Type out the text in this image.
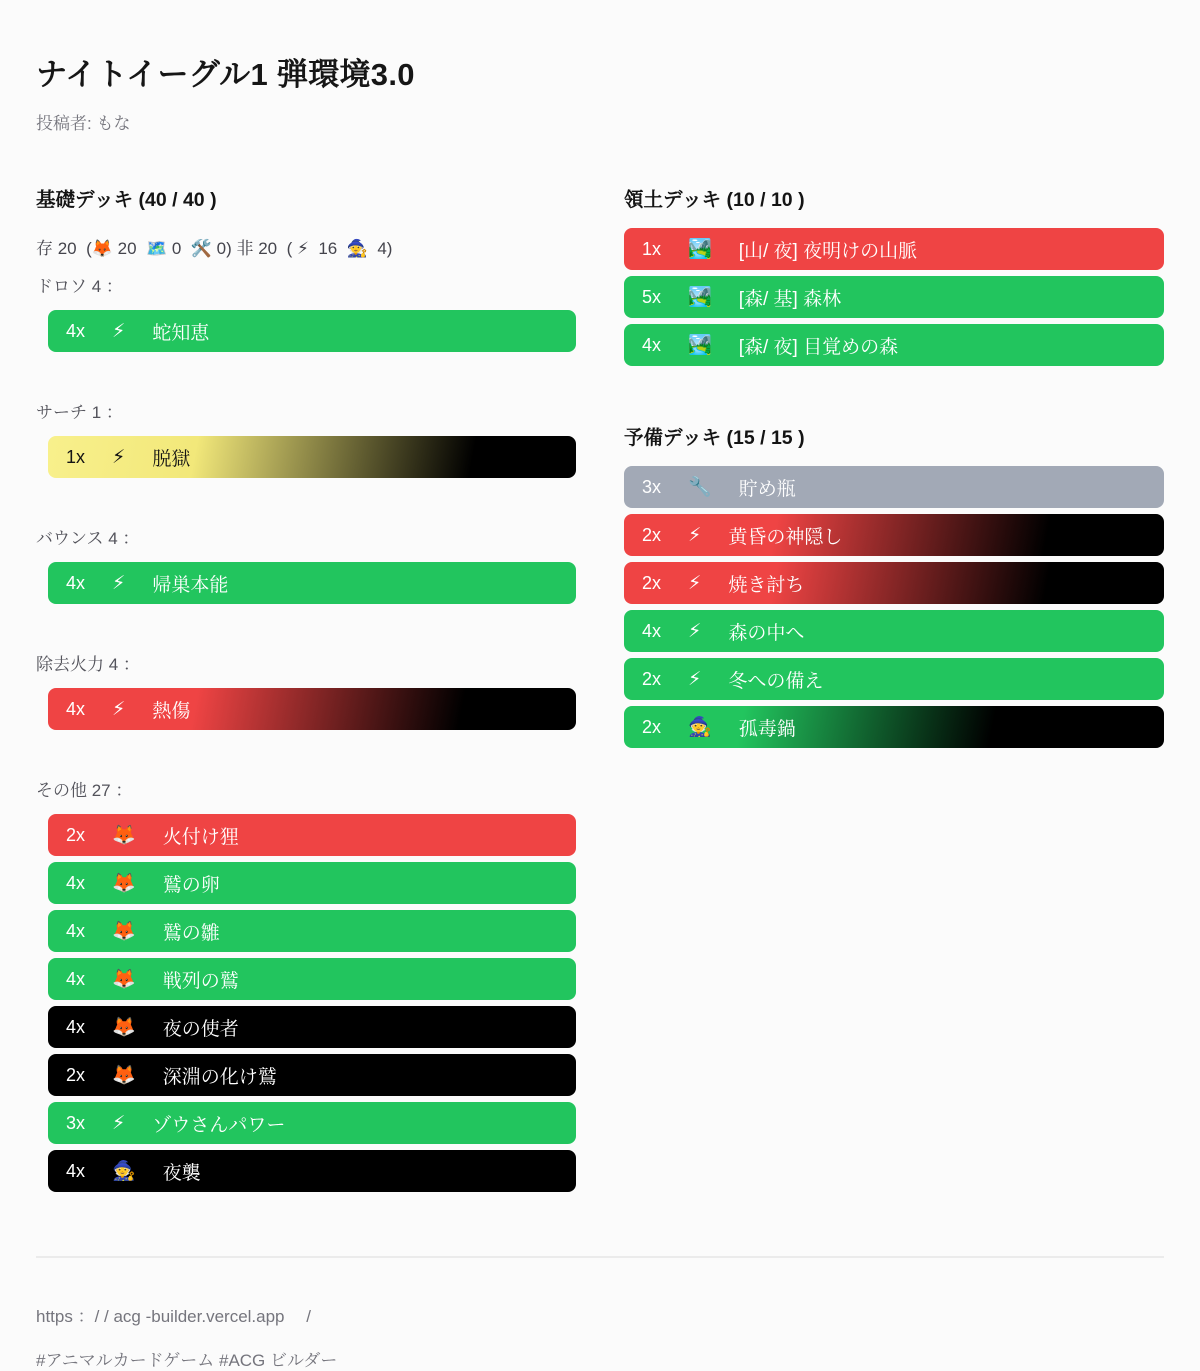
ナイトイーグル1 弾環境3.0
投稿者: もな
基礎デッキ (40 / 40 )
存 20  (🦊 20  🗺️ 0  🛠️ 0) 非 20  ( ⚡  16  🧙  4)
ドロソ 4 ：
4x ⚡ 蛇知恵
サーチ 1 ：
1x ⚡ 脱獄
バウンス 4 ：
4x ⚡ 帰巣本能
除去火力 4 ：
4x ⚡ 熱傷
その他 27 ：
2x 🦊 火付け狸
4x 🦊 鷲の卵
4x 🦊 鷲の雛
4x 🦊 戦列の鷲
4x 🦊 夜の使者
2x 🦊 深淵の化け鷲
3x ⚡ ゾウさんパワー
4x 🧙 夜襲
領土デッキ (10 / 10 )
1x 🏞️ [山/ 夜] 夜明けの山脈
5x 🏞️ [森/ 基] 森林
4x 🏞️ [森/ 夜] 目覚めの森
予備デッキ (15 / 15 )
3x 🔧 貯め瓶
2x ⚡ 黄昏の神隠し
2x ⚡ 焼き討ち
4x ⚡ 森の中へ
2x ⚡ 冬への備え
2x 🧙 孤毒鍋
https ：/ / acg -builder.vercel.app　 /
#アニマルカードゲーム #ACG ビルダー
